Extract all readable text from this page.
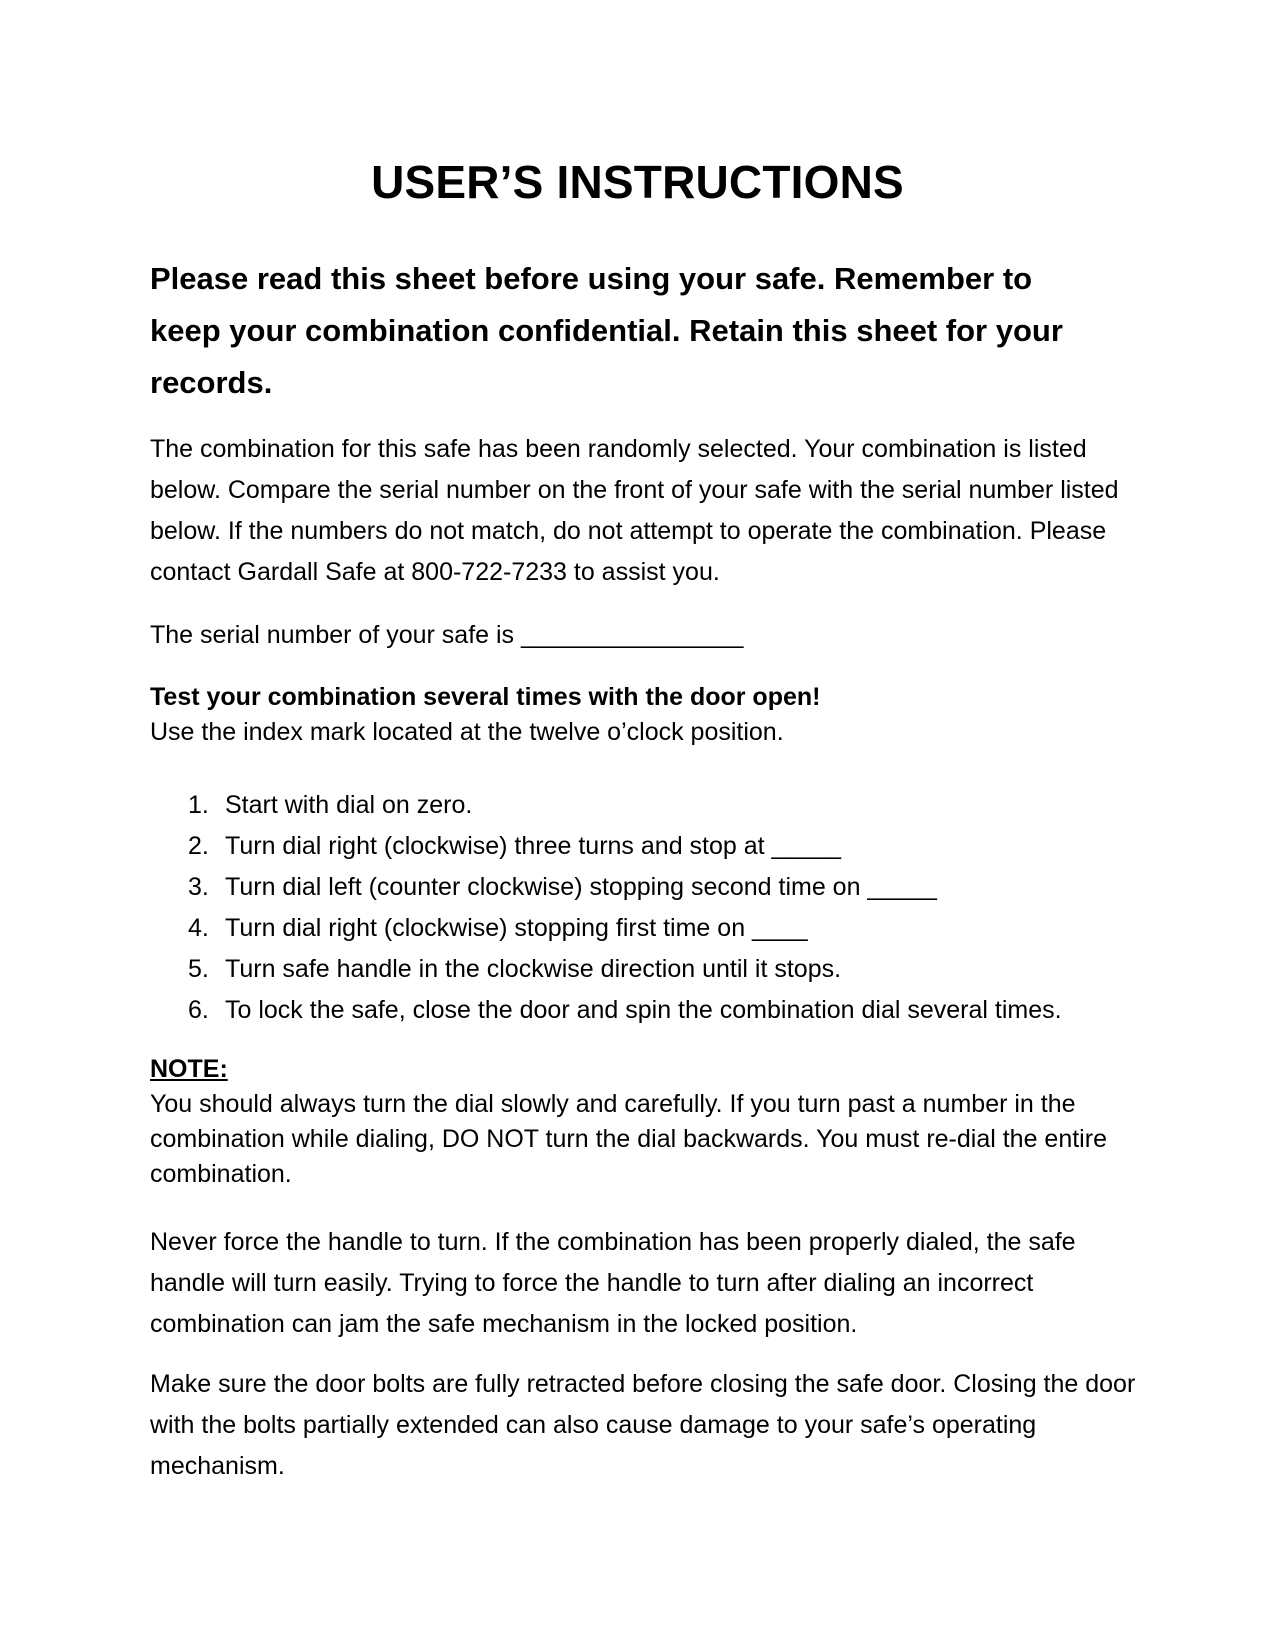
USER’S INSTRUCTIONS
Please read this sheet before using your safe. Remember to keep your combination confidential. Retain this sheet for your records.
The combination for this safe has been randomly selected. Your combination is listed below. Compare the serial number on the front of your safe with the serial number listed below. If the numbers do not match, do not attempt to operate the combination. Please contact Gardall Safe at 800-722-7233 to assist you.
The serial number of your safe is ________________
Test your combination several times with the door open!
Use the index mark located at the twelve o’clock position.
1. Start with dial on zero.
2. Turn dial right (clockwise) three turns and stop at _____
3. Turn dial left (counter clockwise) stopping second time on _____
4. Turn dial right (clockwise) stopping first time on ____
5. Turn safe handle in the clockwise direction until it stops.
6. To lock the safe, close the door and spin the combination dial several times.
NOTE:
You should always turn the dial slowly and carefully. If you turn past a number in the combination while dialing, DO NOT turn the dial backwards. You must re-dial the entire combination.
Never force the handle to turn. If the combination has been properly dialed, the safe handle will turn easily. Trying to force the handle to turn after dialing an incorrect combination can jam the safe mechanism in the locked position.
Make sure the door bolts are fully retracted before closing the safe door. Closing the door with the bolts partially extended can also cause damage to your safe’s operating mechanism.
